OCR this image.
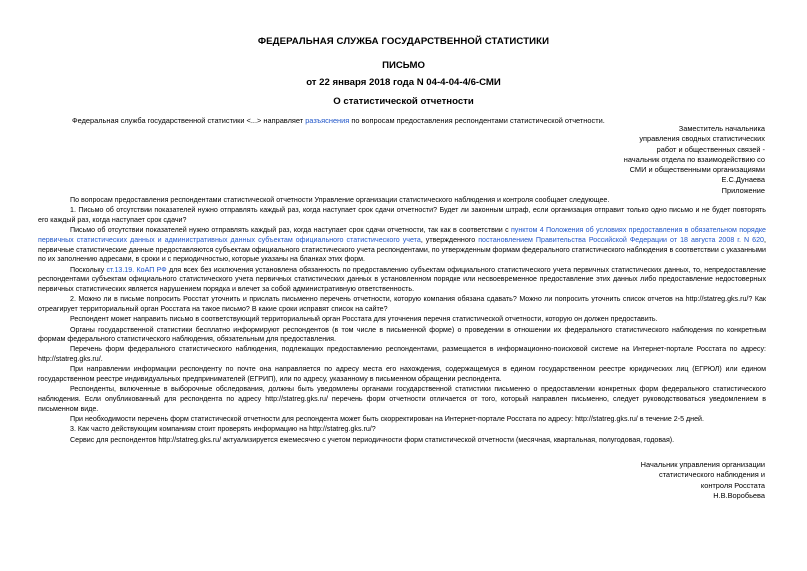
ФЕДЕРАЛЬНАЯ СЛУЖБА ГОСУДАРСТВЕННОЙ СТАТИСТИКИ
ПИСЬМО
от 22 января 2018 года N 04-4-04-4/6-СМИ
О статистической отчетности
Федеральная служба государственной статистики <...> направляет разъяснения по вопросам предоставления респондентами статистической отчетности.
Заместитель начальника
управления сводных статистических
работ и общественных связей -
начальник отдела по взаимодействию со
СМИ и общественными организациями
Е.С.Дунаева
Приложение

По вопросам предоставления респондентами статистической отчетности Управление организации статистического наблюдения и контроля сообщает следующее.

1. Письмо об отсутствии показателей нужно отправлять каждый раз, когда наступает срок сдачи отчетности? Будет ли законным штраф, если организация отправит только одно письмо и не будет повторять его каждый раз, когда наступает срок сдачи?

Письмо об отсутствии показателей нужно отправлять каждый раз, когда наступает срок сдачи отчетности, так как в соответствии с пунктом 4 Положения об условиях предоставления в обязательном порядке первичных статистических данных и административных данных субъектам официального статистического учета, утвержденного постановлением Правительства Российской Федерации от 18 августа 2008 г. N 620, первичные статистические данные предоставляются субъектам официального статистического учета респондентами, по утвержденным формам федерального статистического наблюдения в соответствии с указанными по их заполнению адресами, в сроки и с периодичностью, которые указаны на бланках этих форм.

Поскольку ст.13.19. КоАП РФ для всех без исключения установлена обязанность по предоставлению субъектам официального статистического учета первичных статистических данных, то, непредоставление респондентами субъектам официального статистического учета первичных статистических данных в установленном порядке или несвоевременное предоставление этих данных либо предоставление недостоверных первичных статистических является нарушением порядка и влечет за собой административную ответственность.

2. Можно ли в письме попросить Росстат уточнить и прислать письменно перечень отчетности, которую компания обязана сдавать? Можно ли попросить уточнить список отчетов на http://statreg.gks.ru/? Как отреагирует территориальный орган Росстата на такое письмо? В какие сроки исправят список на сайте?

Респондент может направить письмо в соответствующий территориальный орган Росстата для уточнения перечня статистической отчетности, которую он должен предоставить.

Органы государственной статистики бесплатно информируют респондентов (в том числе в письменной форме) о проведении в отношении их федерального статистического наблюдения по конкретным формам федерального статистического наблюдения, обязательным для предоставления.

Перечень форм федерального статистического наблюдения, подлежащих предоставлению респондентами, размещается в информационно-поисковой системе на Интернет-портале Росстата по адресу: http://statreg.gks.ru/.

При направлении информации респонденту по почте она направляется по адресу места его нахождения, содержащемуся в едином государственном реестре юридических лиц (ЕГРЮЛ) или едином государственном реестре индивидуальных предпринимателей (ЕГРИП), или по адресу, указанному в письменном обращении респондента.

Респонденты, включенные в выборочные обследования, должны быть уведомлены органами государственной статистики письменно о предоставлении конкретных форм федерального статистического наблюдения. Если опубликованный для респондента по адресу http://statreg.gks.ru/ перечень форм отчетности отличается от того, который направлен письменно, следует руководствоваться уведомлением в письменном виде.

При необходимости перечень форм статистической отчетности для респондента может быть скорректирован на Интернет-портале Росстата по адресу: http://statreg.gks.ru/ в течение 2-5 дней.

3. Как часто действующим компаниям стоит проверять информацию на http://statreg.gks.ru/?

Сервис для респондентов http://statreg.gks.ru/ актуализируется ежемесячно с учетом периодичности форм статистической отчетности (месячная, квартальная, полугодовая, годовая).

Начальник управления организации
статистического наблюдения и
контроля Росстата
Н.В.Воробьева
